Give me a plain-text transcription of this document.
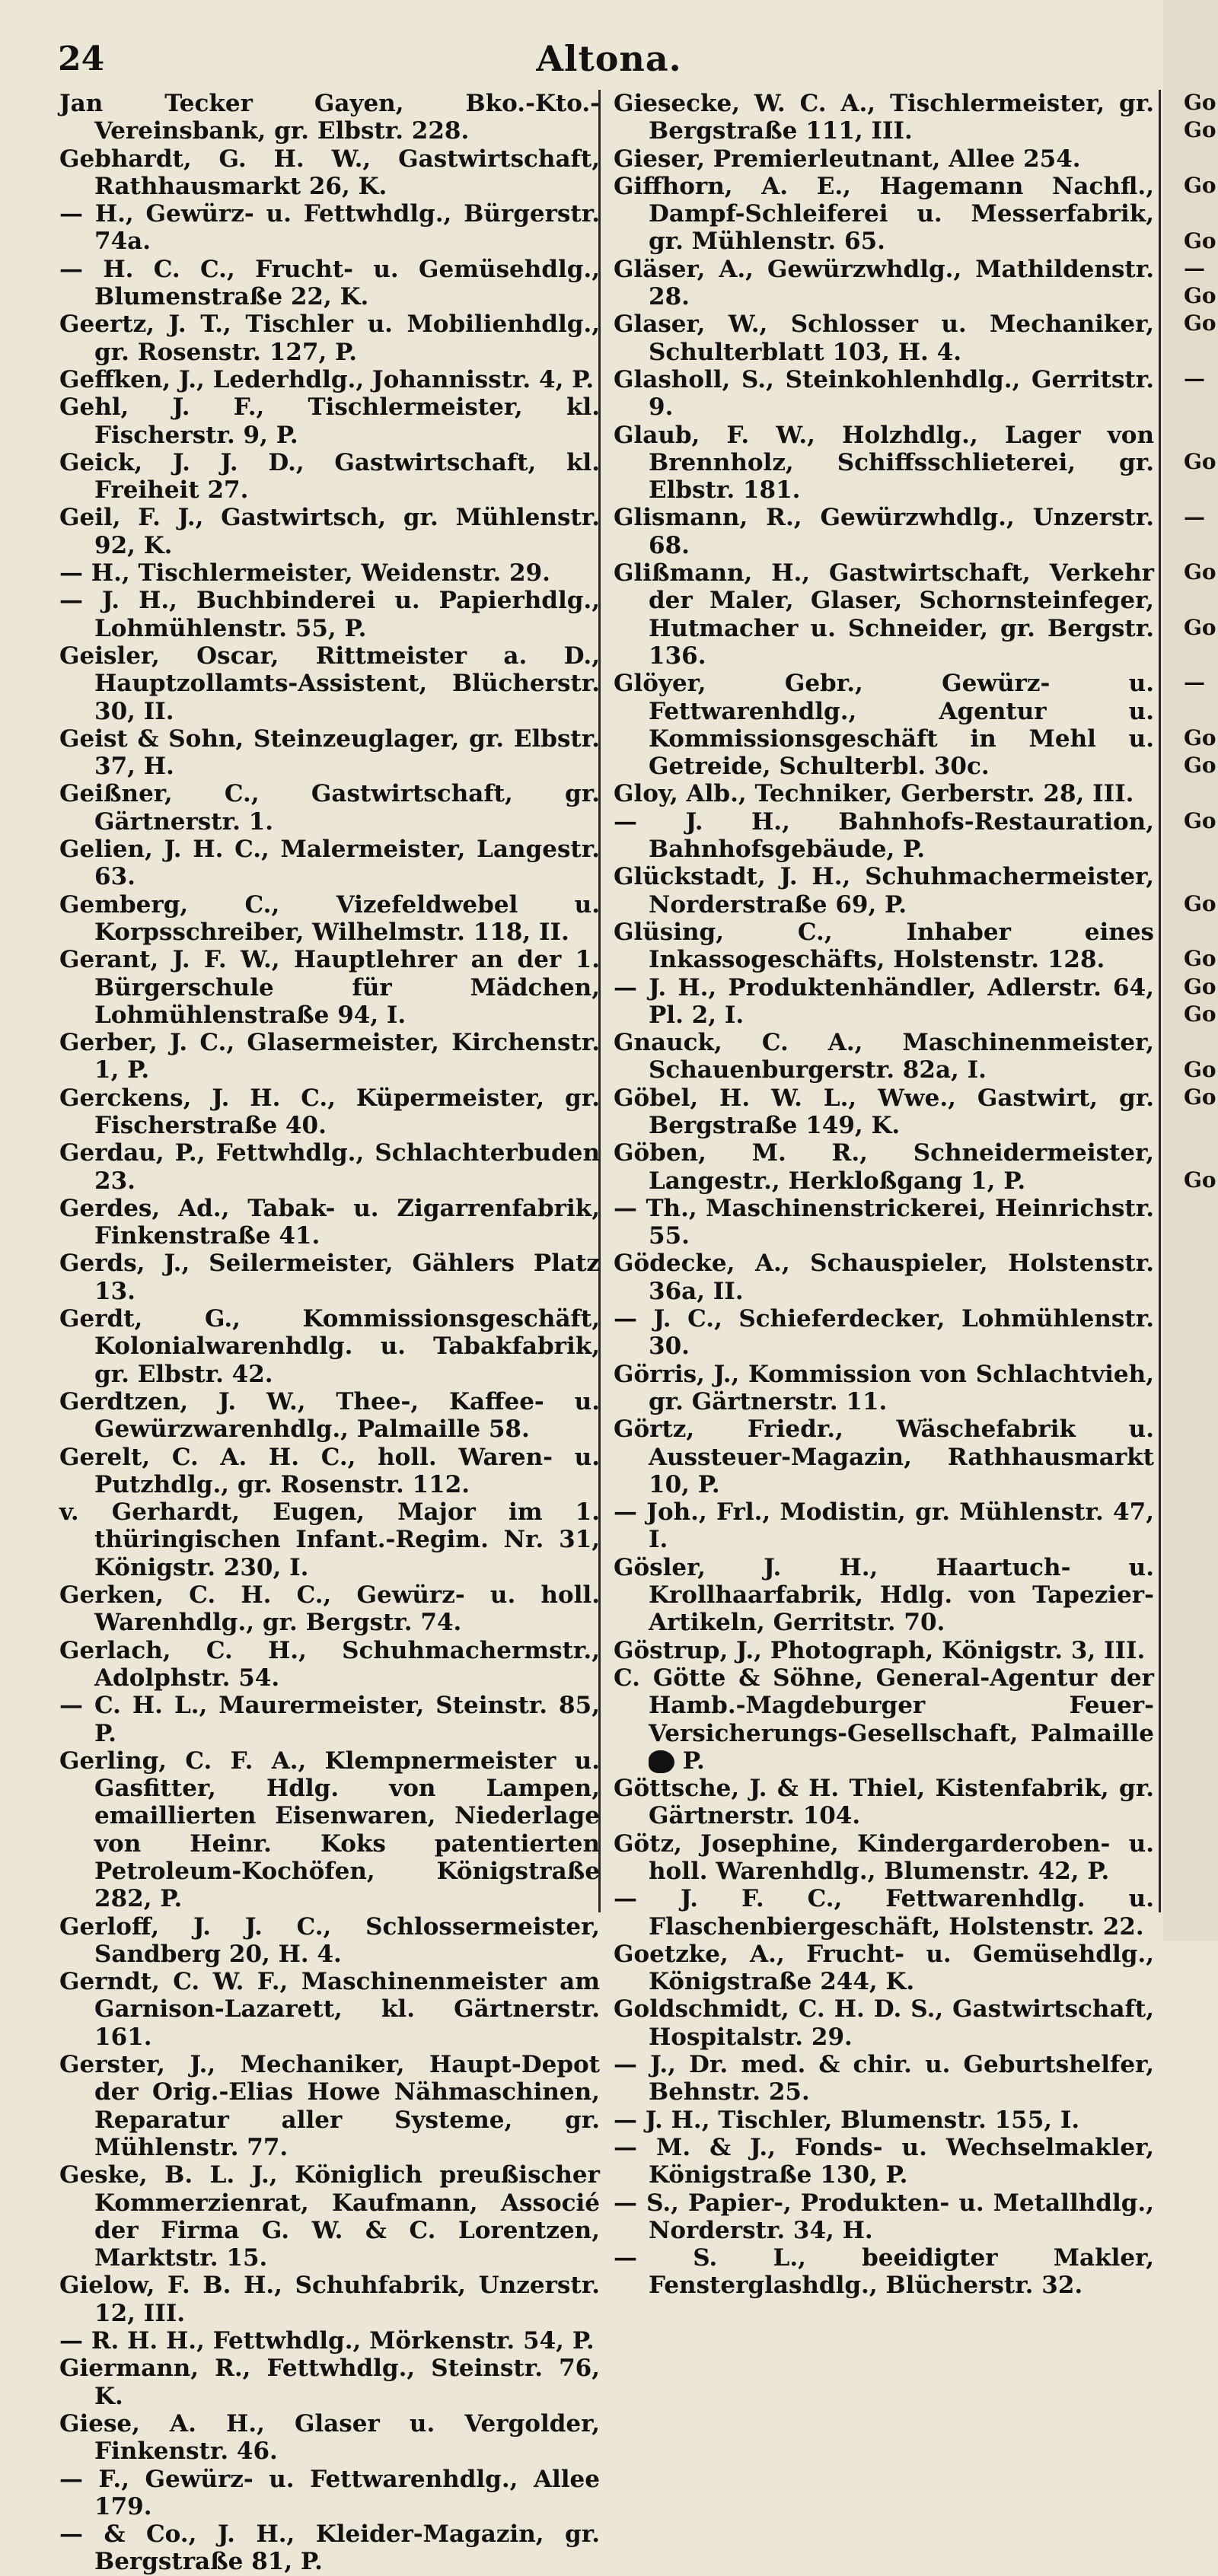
24	Altona.

Jan Tecker Gayen, Bko.-Kto.-Vereinsbank, gr. Elbstr. 228.

Gebhardt, G. H. W., Gastwirtschaft, Rathhausmarkt 26, K.

— H., Gewürz- u. Fettwhdlg., Bürgerstr. 74a.

— H. C. C., Frucht- u. Gemüsehdlg., Blumenstraße 22, K.

Geertz, J. T., Tischler u. Mobilienhdlg., gr. Rosenstr. 127, P.

Geffken, J., Lederhdlg., Johannisstr. 4, P.

Gehl, J. F., Tischlermeister, kl. Fischerstr. 9, P.

Geick, J. J. D., Gastwirtschaft, kl. Freiheit 27.

Geil, F. J., Gastwirtsch, gr. Mühlenstr. 92, K.

— H., Tischlermeister, Weidenstr. 29.

— J. H., Buchbinderei u. Papierhdlg., Lohmühlenstr. 55, P.

Geisler, Oscar, Rittmeister a. D., Hauptzollamts-Assistent, Blücherstr. 30, II.

Geist & Sohn, Steinzeuglager, gr. Elbstr. 37, H.

Geißner, C., Gastwirtschaft, gr. Gärtnerstr. 1.

Gelien, J. H. C., Malermeister, Langestr. 63.

Gemberg, C., Vizefeldwebel u. Korpsschreiber, Wilhelmstr. 118, II.

Gerant, J. F. W., Hauptlehrer an der 1. Bürgerschule für Mädchen, Lohmühlenstraße 94, I.

Gerber, J. C., Glasermeister, Kirchenstr. 1, P.

Gerckens, J. H. C., Küpermeister, gr. Fischerstraße 40.

Gerdau, P., Fettwhdlg., Schlachterbuden 23.

Gerdes, Ad., Tabak- u. Zigarrenfabrik, Finkenstraße 41.

Gerds, J., Seilermeister, Gählers Platz 13.

Gerdt, G., Kommissionsgeschäft, Kolonialwarenhdlg. u. Tabakfabrik, gr. Elbstr. 42.

Gerdtzen, J. W., Thee-, Kaffee- u. Gewürzwarenhdlg., Palmaille 58.

Gerelt, C. A. H. C., holl. Waren- u. Putzhdlg., gr. Rosenstr. 112.

v. Gerhardt, Eugen, Major im 1. thüringischen Infant.-Regim. Nr. 31, Königstr. 230, I.

Gerken, C. H. C., Gewürz- u. holl. Warenhdlg., gr. Bergstr. 74.

Gerlach, C. H., Schuhmachermstr., Adolphstr. 54.

— C. H. L., Maurermeister, Steinstr. 85, P.

Gerling, C. F. A., Klempnermeister u. Gasfitter, Hdlg. von Lampen, emaillierten Eisenwaren, Niederlage von Heinr. Koks patentierten Petroleum-Kochöfen, Königstraße 282, P.

Gerloff, J. J. C., Schlossermeister, Sandberg 20, H. 4.

Gerndt, C. W. F., Maschinenmeister am Garnison-Lazarett, kl. Gärtnerstr. 161.

Gerster, J., Mechaniker, Haupt-Depot der Orig.-Elias Howe Nähmaschinen, Reparatur aller Systeme, gr. Mühlenstr. 77.

Geske, B. L. J., Königlich preußischer Kommerzienrat, Kaufmann, Associé der Firma G. W. & C. Lorentzen, Marktstr. 15.

Gielow, F. B. H., Schuhfabrik, Unzerstr. 12, III.

— R. H. H., Fettwhdlg., Mörkenstr. 54, P.

Giermann, R., Fettwhdlg., Steinstr. 76, K.

Giese, A. H., Glaser u. Vergolder, Finkenstr. 46.

— F., Gewürz- u. Fettwarenhdlg., Allee 179.

— & Co., J. H., Kleider-Magazin, gr. Bergstraße 81, P.

Giesecke, W. C. A., Tischlermeister, gr. Bergstraße 111, III.

Gieser, Premierleutnant, Allee 254.

Giffhorn, A. E., Hagemann Nachfl., Dampf-Schleiferei u. Messerfabrik, gr. Mühlenstr. 65.

Gläser, A., Gewürzwhdlg., Mathildenstr. 28.

Glaser, W., Schlosser u. Mechaniker, Schulterblatt 103, H. 4.

Glasholl, S., Steinkohlenhdlg., Gerritstr. 9.

Glaub, F. W., Holzhdlg., Lager von Brennholz, Schiffsschlieterei, gr. Elbstr. 181.

Glismann, R., Gewürzwhdlg., Unzerstr. 68.

Glißmann, H., Gastwirtschaft, Verkehr der Maler, Glaser, Schornsteinfeger, Hutmacher u. Schneider, gr. Bergstr. 136.

Glöyer, Gebr., Gewürz- u. Fettwarenhdlg., Agentur u. Kommissionsgeschäft in Mehl u. Getreide, Schulterbl. 30c.

Gloy, Alb., Techniker, Gerberstr. 28, III.

— J. H., Bahnhofs-Restauration, Bahnhofsgebäude, P.

Glückstadt, J. H., Schuhmachermeister, Norderstraße 69, P.

Glüsing, C., Inhaber eines Inkassogeschäfts, Holstenstr. 128.

— J. H., Produktenhändler, Adlerstr. 64, Pl. 2, I.

Gnauck, C. A., Maschinenmeister, Schauenburgerstr. 82a, I.

Göbel, H. W. L., Wwe., Gastwirt, gr. Bergstraße 149, K.

Göben, M. R., Schneidermeister, Langestr., Herkloßgang 1, P.

— Th., Maschinenstrickerei, Heinrichstr. 55.

Gödecke, A., Schauspieler, Holstenstr. 36a, II.

— J. C., Schieferdecker, Lohmühlenstr. 30.

Görris, J., Kommission von Schlachtvieh, gr. Gärtnerstr. 11.

Görtz, Friedr., Wäschefabrik u. Aussteuer-Magazin, Rathhausmarkt 10, P.

— Joh., Frl., Modistin, gr. Mühlenstr. 47, I.

Gösler, J. H., Haartuch- u. Krollhaarfabrik, Hdlg. von Tapezier-Artikeln, Gerritstr. 70.

Göstrup, J., Photograph, Königstr. 3, III.

C. Götte & Söhne, General-Agentur der Hamb.-Magdeburger Feuer-Versicherungs-Gesellschaft, Palmaille  P.

Göttsche, J. & H. Thiel, Kistenfabrik, gr. Gärtnerstr. 104.

Götz, Josephine, Kindergarderoben- u. holl. Warenhdlg., Blumenstr. 42, P.

— J. F. C., Fettwarenhdlg. u. Flaschenbiergeschäft, Holstenstr. 22.

Goetzke, A., Frucht- u. Gemüsehdlg., Königstraße 244, K.

Goldschmidt, C. H. D. S., Gastwirtschaft, Hospitalstr. 29.

— J., Dr. med. & chir. u. Geburtshelfer, Behnstr. 25.

— J. H., Tischler, Blumenstr. 155, I.

— M. & J., Fonds- u. Wechselmakler, Königstraße 130, P.

— S., Papier-, Produkten- u. Metallhdlg., Norderstr. 34, H.

— S. L., beeidigter Makler, Fensterglashdlg., Blücherstr. 32.

Go
Go
Go
Go
—
Go
Go
—
Go
—
Go
Go
—
Go
Go
Go
Go
Go
Go
Go
Go
Go
Go
